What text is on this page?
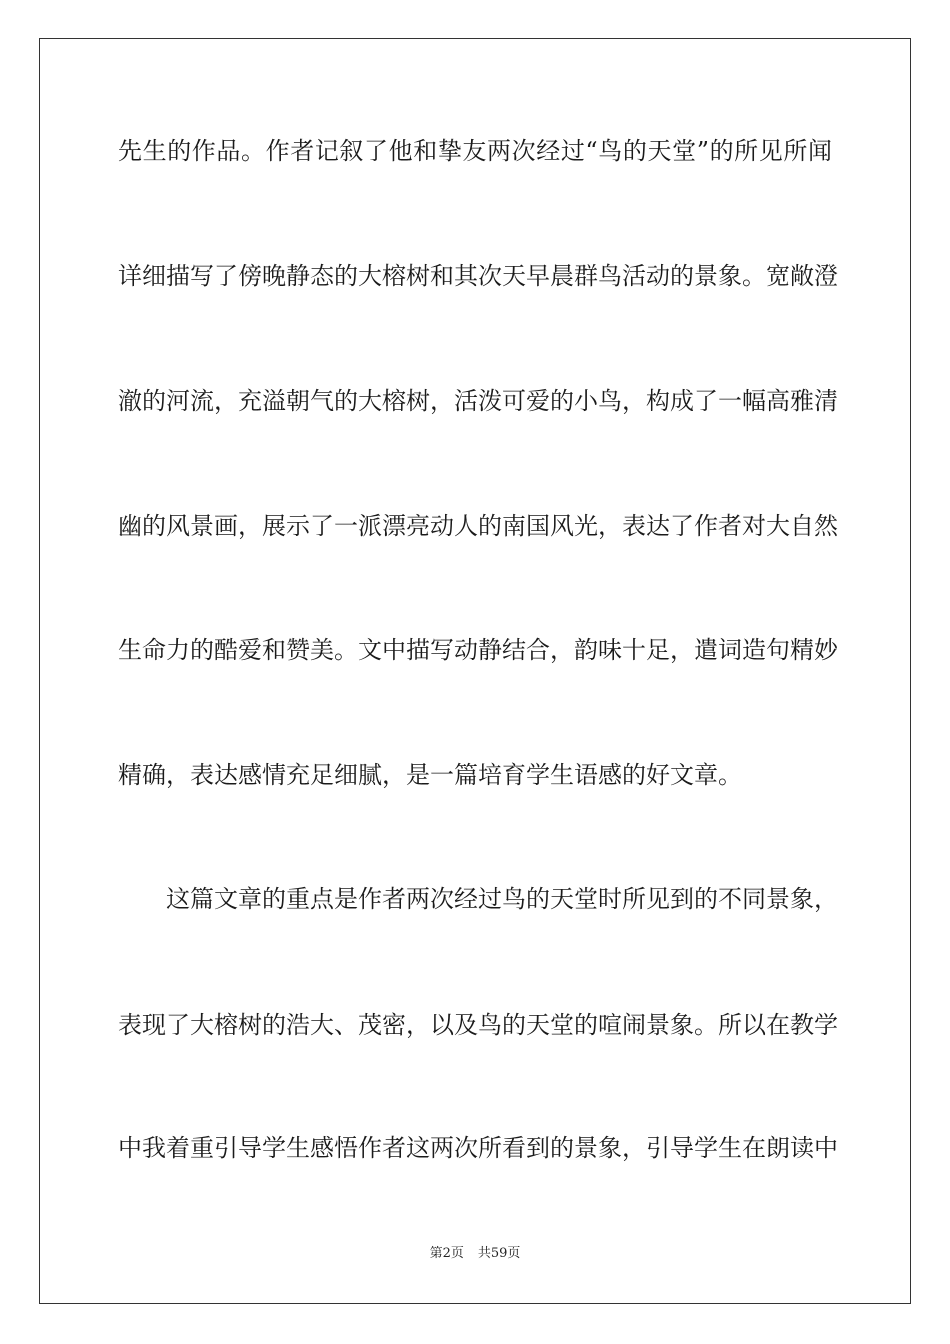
先生的作品。作者记叙了他和挚友两次经过“鸟的天堂”的所见所闻
详细描写了傍晚静态的大榕树和其次天早晨群鸟活动的景象。宽敞澄
澈的河流，充溢朝气的大榕树，活泼可爱的小鸟，构成了一幅高雅清
幽的风景画，展示了一派漂亮动人的南国风光，表达了作者对大自然
生命力的酷爱和赞美。文中描写动静结合，韵味十足，遣词造句精妙
精确，表达感情充足细腻，是一篇培育学生语感的好文章。
这篇文章的重点是作者两次经过鸟的天堂时所见到的不同景象，
表现了大榕树的浩大、茂密，以及鸟的天堂的喧闹景象。所以在教学
中我着重引导学生感悟作者这两次所看到的景象，引导学生在朗读中
第2页 共59页
